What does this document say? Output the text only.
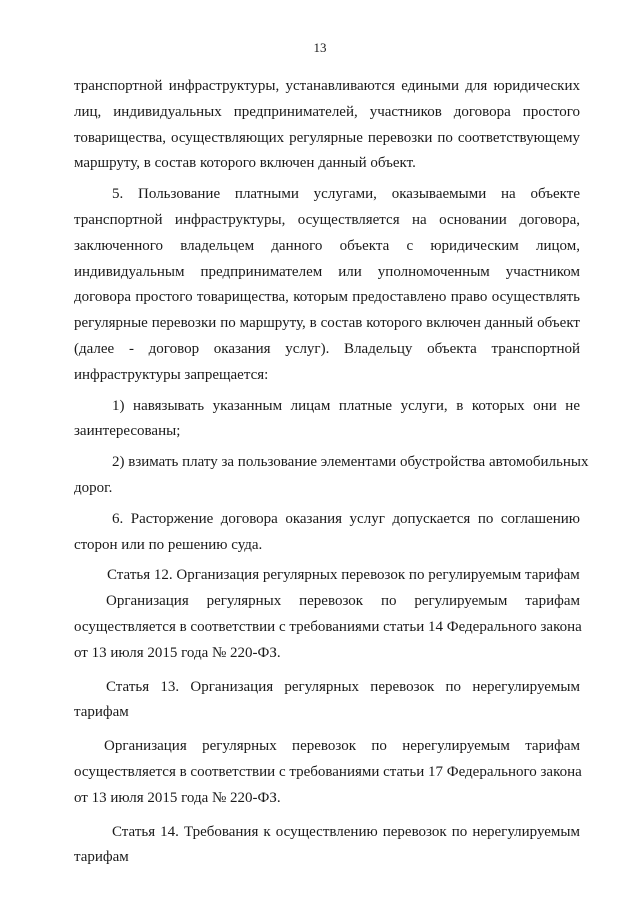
13

транспортной инфраструктуры, устанавливаются едиными для юридических
лиц, индивидуальных предпринимателей, участников договора простого
товарищества, осуществляющих регулярные перевозки по соответствующему
маршруту, в состав которого включен данный объект.

5. Пользование платными услугами, оказываемыми на объекте
транспортной инфраструктуры, осуществляется на основании договора,
заключенного владельцем данного объекта с юридическим лицом,
индивидуальным предпринимателем или уполномоченным участником
договора простого товарищества, которым предоставлено право осуществлять
регулярные перевозки по маршруту, в состав которого включен данный объект
(далее - договор оказания услуг). Владельцу объекта транспортной
инфраструктуры запрещается:

1) навязывать указанным лицам платные услуги, в которых они не
заинтересованы;

2) взимать плату за пользование элементами обустройства автомобильных
дорог.

6. Расторжение договора оказания услуг допускается по соглашению
сторон или по решению суда.

Статья 12. Организация регулярных перевозок по регулируемым тарифам

Организация регулярных перевозок по регулируемым тарифам
осуществляется в соответствии с требованиями статьи 14 Федерального закона
от 13 июля 2015 года № 220-ФЗ.

Статья 13. Организация регулярных перевозок по нерегулируемым
тарифам

Организация регулярных перевозок по нерегулируемым тарифам
осуществляется в соответствии с требованиями статьи 17 Федерального закона
от 13 июля 2015 года № 220-ФЗ.

Статья 14. Требования к осуществлению перевозок по нерегулируемым
тарифам
